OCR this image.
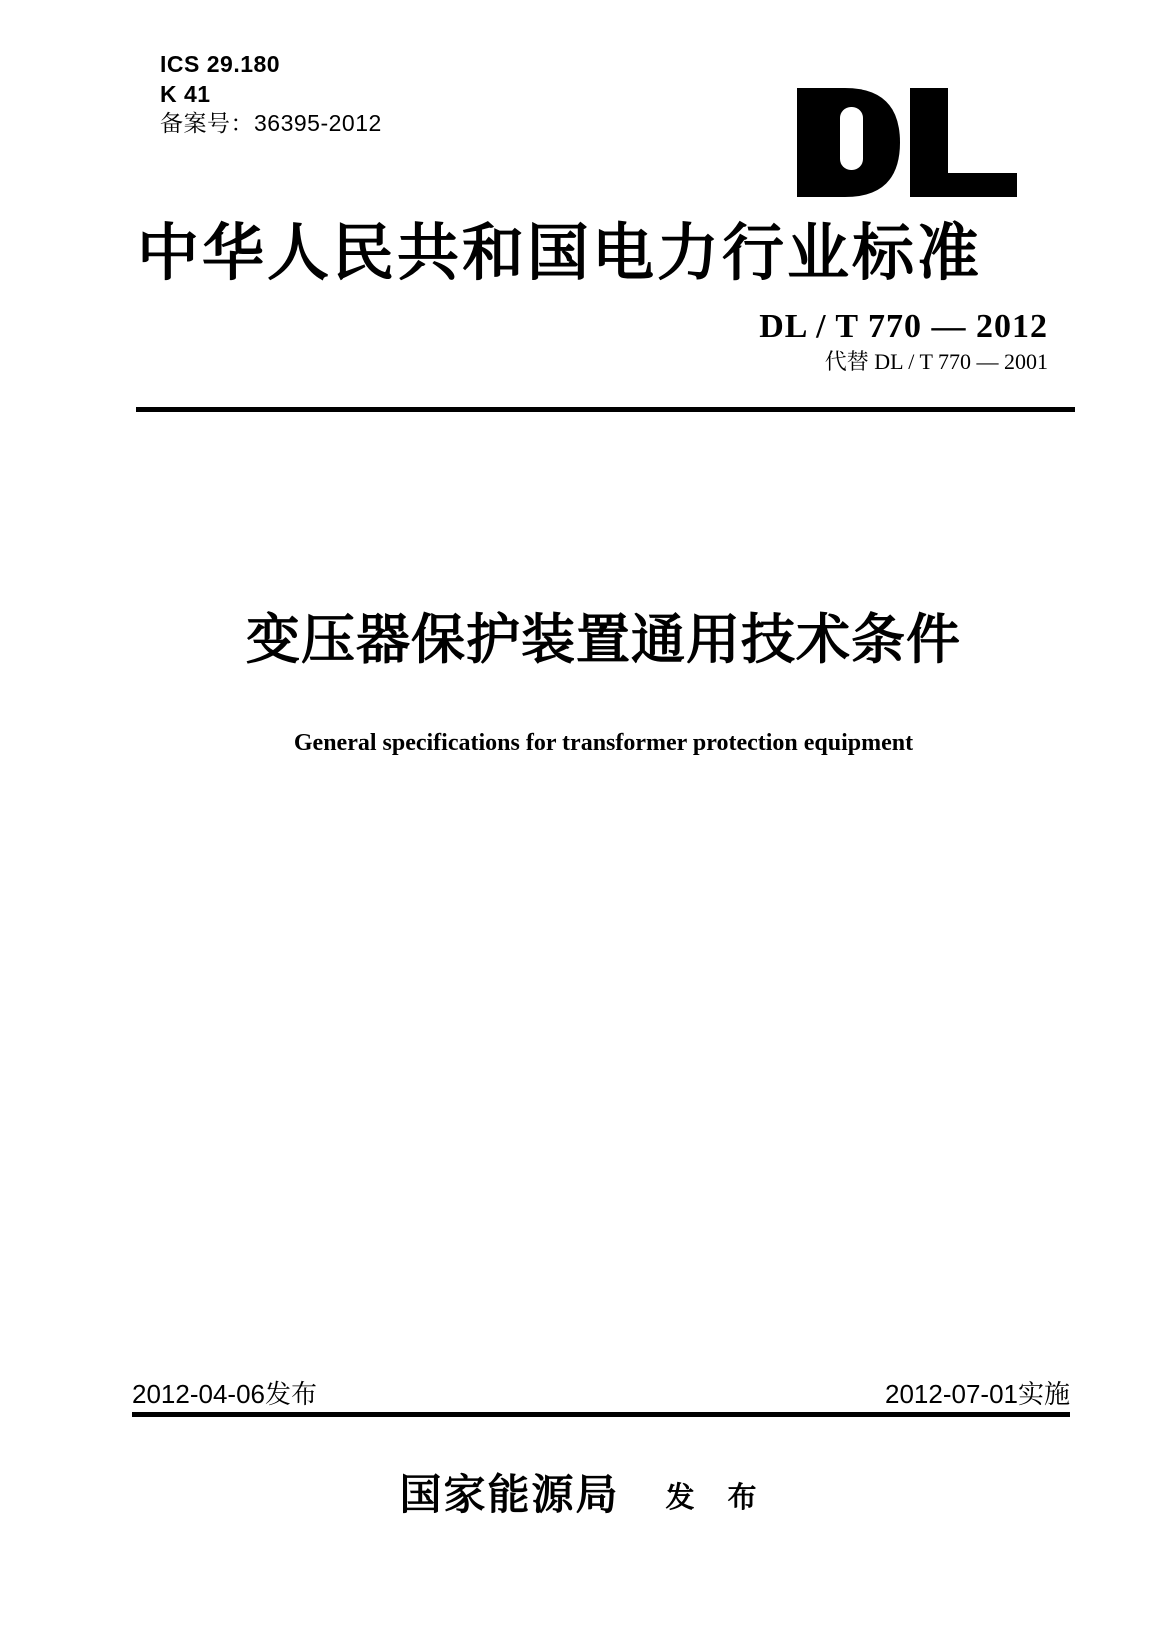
ICS 29.180
K 41
备案号：36395-2012
中华人民共和国电力行业标准
DL / T 770 — 2012
代替 DL / T 770 — 2001
变压器保护装置通用技术条件
General specifications for transformer protection equipment
2012-04-06发布	2012-07-01实施
国家能源局 发　布
